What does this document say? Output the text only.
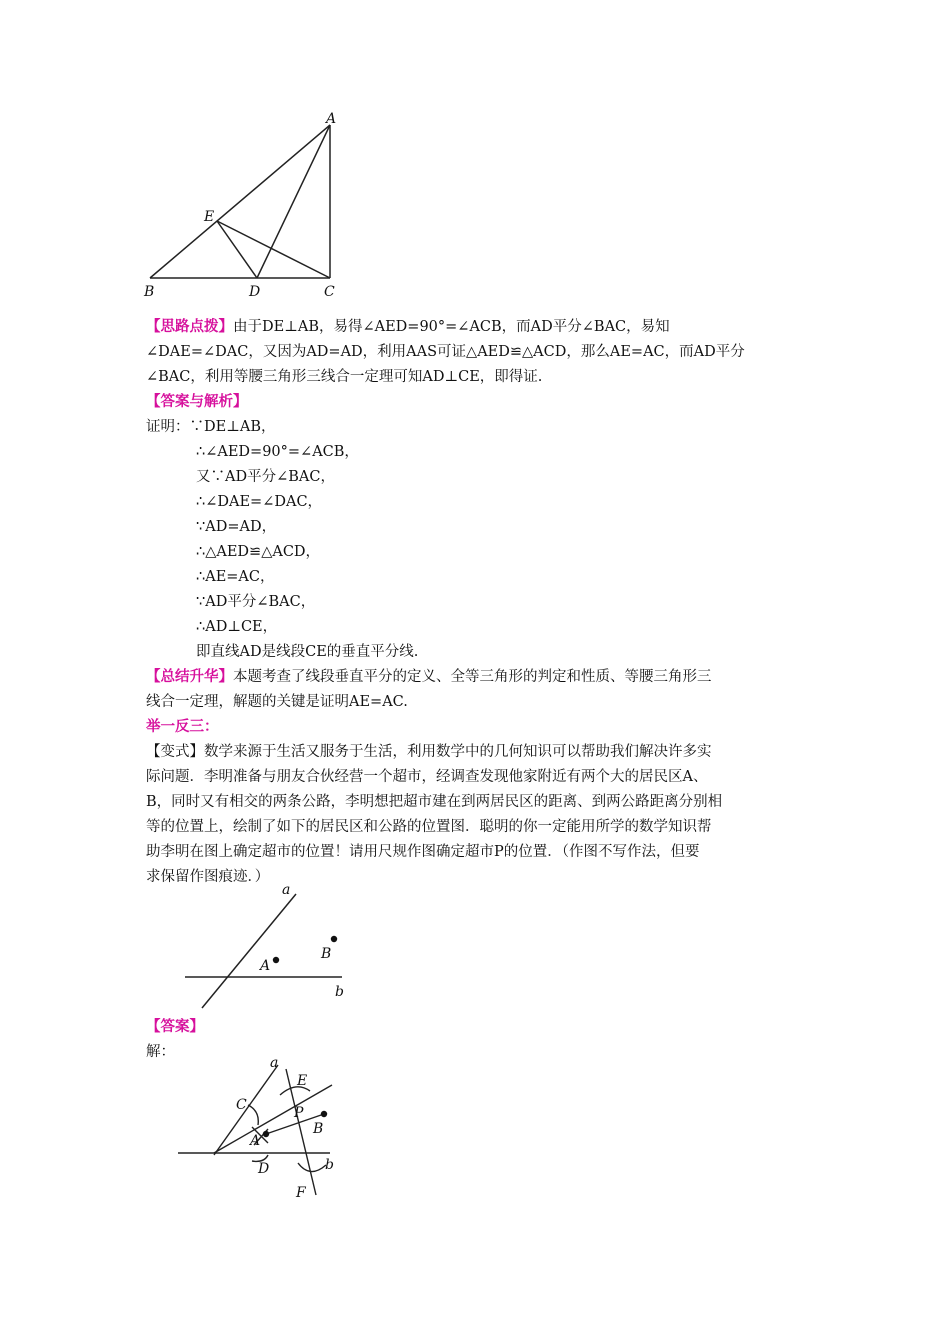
A
E
B	D	C
【思路点拨】由于DE⊥AB，易得∠AED=90°=∠ACB，而AD平分∠BAC，易知
∠DAE=∠DAC，又因为AD=AD，利用AAS可证△AED≌△ACD，那么AE=AC，而AD平分
∠BAC，利用等腰三角形三线合一定理可知AD⊥CE，即得证.
【答案与解析】
证明：∵DE⊥AB，
∴∠AED=90°=∠ACB，
又∵AD平分∠BAC，
∴∠DAE=∠DAC，
∵AD=AD，
∴△AED≌△ACD，
∴AE=AC，
∵AD平分∠BAC，
∴AD⊥CE，
即直线AD是线段CE的垂直平分线.
【总结升华】本题考查了线段垂直平分的定义、全等三角形的判定和性质、等腰三角形三
线合一定理，解题的关键是证明AE=AC.
举一反三：
【变式】数学来源于生活又服务于生活，利用数学中的几何知识可以帮助我们解决许多实
际问题．李明准备与朋友合伙经营一个超市，经调查发现他家附近有两个大的居民区A、
B，同时又有相交的两条公路，李明想把超市建在到两居民区的距离、到两公路距离分别相
等的位置上，绘制了如下的居民区和公路的位置图．聪明的你一定能用所学的数学知识帮
助李明在图上确定超市的位置！请用尺规作图确定超市P的位置．（作图不写作法，但要
求保留作图痕迹．）
a
A
B
b
【答案】
解：
a
E
C	P
B
A
D	b
F
